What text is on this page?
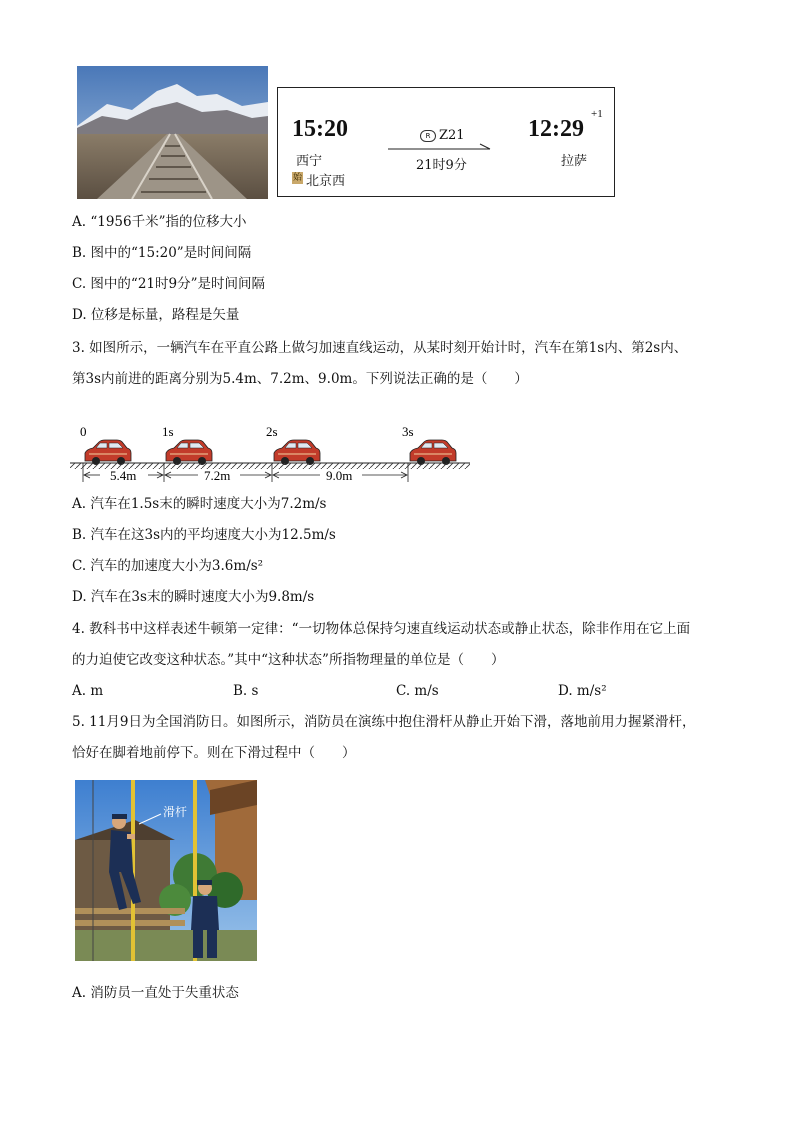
15:20
西宁
始 北京西
R Z21
21时9分
12:29
+1
拉萨
A. “1956千米”指的位移大小
B. 图中的“15:20”是时间间隔
C. 图中的“21时9分”是时间间隔
D. 位移是标量，路程是矢量
3. 如图所示，一辆汽车在平直公路上做匀加速直线运动，从某时刻开始计时，汽车在第1s内、第2s内、
第3s内前进的距离分别为5.4m、7.2m、9.0m。下列说法正确的是（　　）
0	1s	2s	3s
5.4m	7.2m	9.0m
A. 汽车在1.5s末的瞬时速度大小为7.2m/s
B. 汽车在这3s内的平均速度大小为12.5m/s
C. 汽车的加速度大小为3.6m/s²
D. 汽车在3s末的瞬时速度大小为9.8m/s
4. 教科书中这样表述牛顿第一定律：“一切物体总保持匀速直线运动状态或静止状态，除非作用在它上面
的力迫使它改变这种状态。”其中“这种状态”所指物理量的单位是（　　）
A. m	B. s	C. m/s	D. m/s²
5. 11月9日为全国消防日。如图所示，消防员在演练中抱住滑杆从静止开始下滑，落地前用力握紧滑杆，
恰好在脚着地前停下。则在下滑过程中（　　）
滑杆
A. 消防员一直处于失重状态
